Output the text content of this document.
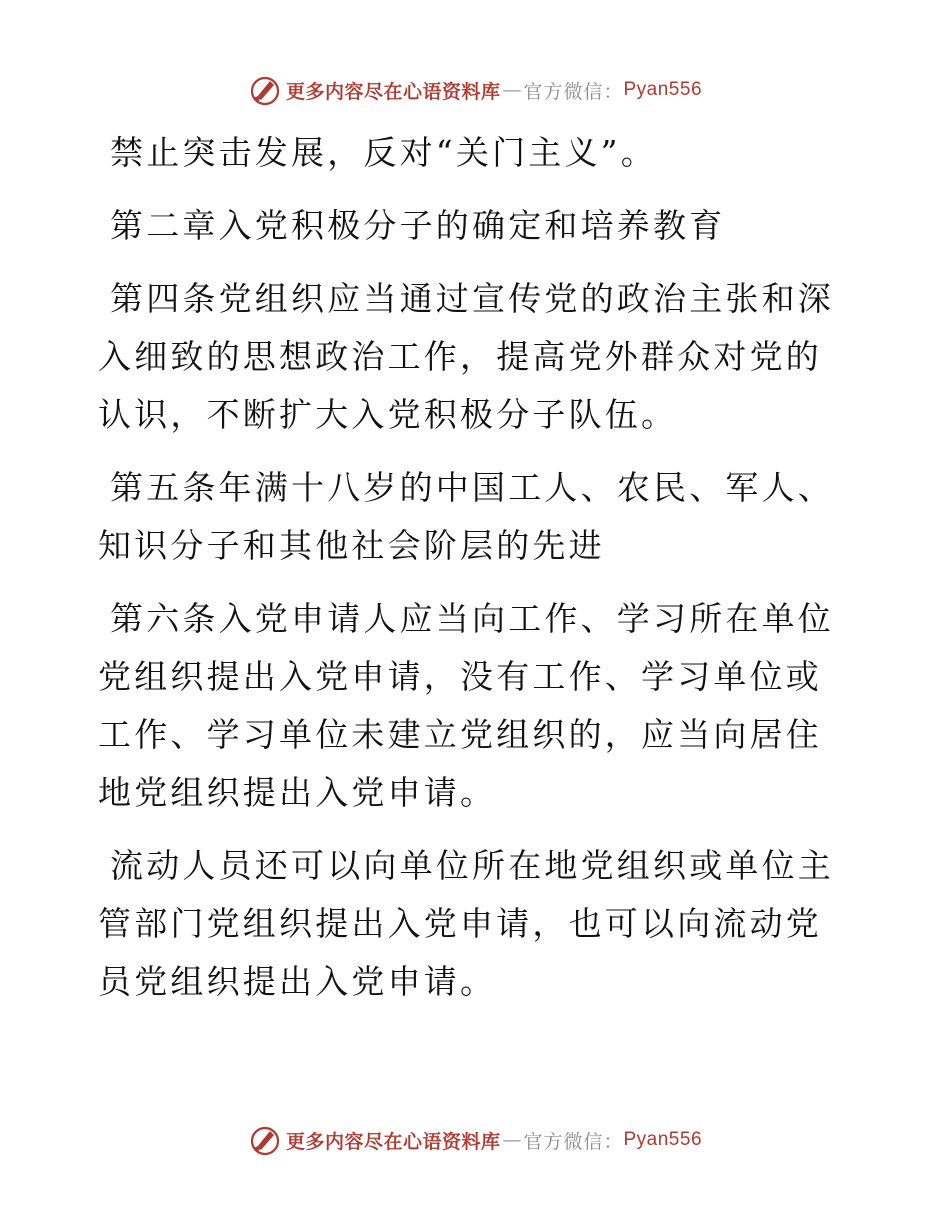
更多内容尽在心语资料库 — 官方微信： Pyan556

禁止突击发展，反对“关门主义”。

第二章入党积极分子的确定和培养教育

第四条党组织应当通过宣传党的政治主张和深入细致的思想政治工作，提高党外群众对党的认识，不断扩大入党积极分子队伍。

第五条年满十八岁的中国工人、农民、军人、知识分子和其他社会阶层的先进

第六条入党申请人应当向工作、学习所在单位党组织提出入党申请，没有工作、学习单位或工作、学习单位未建立党组织的，应当向居住地党组织提出入党申请。

流动人员还可以向单位所在地党组织或单位主管部门党组织提出入党申请，也可以向流动党员党组织提出入党申请。

更多内容尽在心语资料库 — 官方微信： Pyan556
